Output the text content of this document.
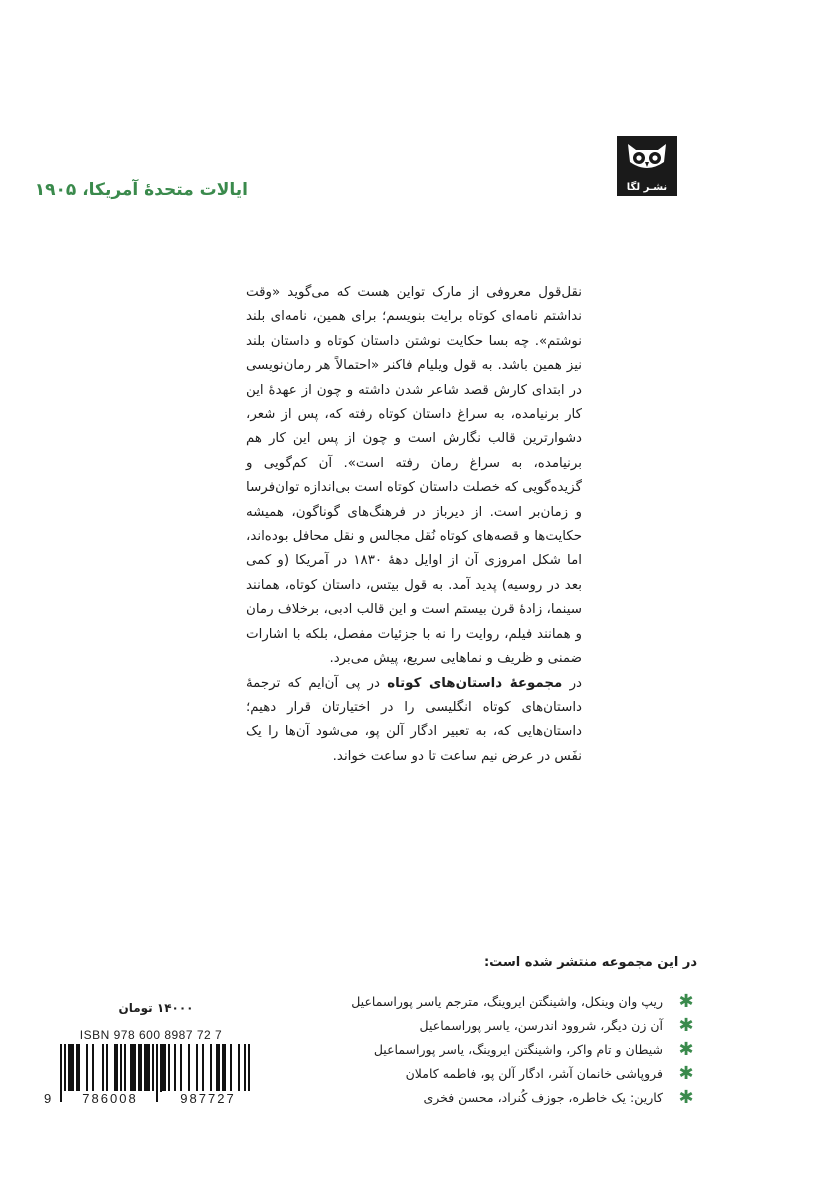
نشـر لگا
ایالات متحدهٔ آمریکا، ۱۹۰۵

نقل‌قول معروفی از مارک تواین هست که می‌گوید «وقت نداشتم نامه‌ای کوتاه برایت بنویسم؛ برای همین، نامه‌ای بلند نوشتم». چه بسا حکایت نوشتن داستان کوتاه و داستان بلند نیز همین باشد. به قول ویلیام فاکنر «احتمالاً هر رمان‌نویسی در ابتدای کارش قصد شاعر شدن داشته و چون از عهدهٔ این کار برنیامده، به سراغ داستان کوتاه رفته که، پس از شعر، دشوارترین قالب نگارش است و چون از پس این کار هم برنیامده، به سراغ رمان رفته است». آن کم‌گویی و گزیده‌گویی که خصلت داستان کوتاه است بی‌اندازه توان‌فرسا و زمان‌بر است. از دیرباز در فرهنگ‌های گوناگون، همیشه حکایت‌ها و قصه‌های کوتاه نُقل مجالس و نقل محافل بوده‌اند، اما شکل امروزی آن از اوایل دههٔ ۱۸۳۰ در آمریکا (و کمی بعد در روسیه) پدید آمد. به قول بیتس، داستان کوتاه، همانند سینما، زادهٔ قرن بیستم است و این قالب ادبی، برخلاف رمان و همانند فیلم، روایت را نه با جزئیات مفصل، بلکه با اشارات ضمنی و ظریف و نماهایی سریع، پیش می‌برد.

در مجموعهٔ داستان‌های کوتاه در پی آن‌ایم که ترجمهٔ داستان‌های کوتاه انگلیسی را در اختیارتان قرار دهیم؛ داستان‌هایی که، به تعبیر ادگار آلن پو، می‌شود آن‌ها را یک نفَس در عرض نیم ساعت تا دو ساعت خواند.

در این مجموعه منتشر شده است:
✱
ریپ وان وینکل، واشینگتن ایروینگ، مترجم یاسر پوراسماعیل
✱
آن زن دیگر، شروود اندرسن، یاسر پوراسماعیل
✱
شیطان و تام واکر، واشینگتن ایروینگ، یاسر پوراسماعیل
✱
فروپاشی خانمان آشر، ادگار آلن پو، فاطمه کاملان
✱
کارین: یک خاطره، جوزف کُنراد، محسن فخری
۱۴۰۰۰ تومان
ISBN 978 600 8987 72 7
9	786008	987727
